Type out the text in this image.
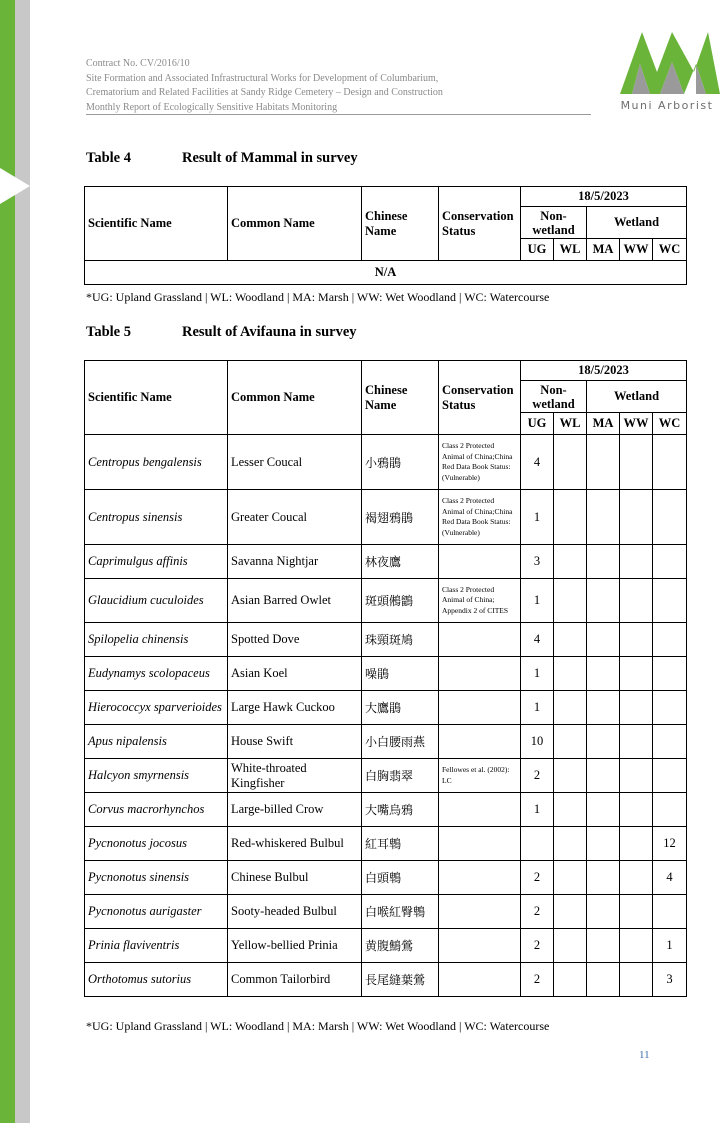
Contract No. CV/2016/10
Site Formation and Associated Infrastructural Works for Development of Columbarium,
Crematorium and Related Facilities at Sandy Ridge Cemetery – Design and Construction
Monthly Report of Ecologically Sensitive Habitats Monitoring	Muni Arborist
Table 4	Result of Mammal in survey
Scientific Name	Common Name	Chinese Name	Conservation Status	18/5/2023				
				Non-wetland		Wetland		
				UG	WL	MA	WW	WC
N/A								
*UG: Upland Grassland | WL: Woodland | MA: Marsh | WW: Wet Woodland | WC: Watercourse
Table 5	Result of Avifauna in survey
Scientific Name	Common Name	Chinese Name	Conservation Status	18/5/2023				
				Non-wetland		Wetland		
				UG	WL	MA	WW	WC
Centropus bengalensis	Lesser Coucal	小鴉鵑	Class 2 Protected Animal of China;China Red Data Book Status: (Vulnerable)	4				
Centropus sinensis	Greater Coucal	褐翅鴉鵑	Class 2 Protected Animal of China;China Red Data Book Status: (Vulnerable)	1				
Caprimulgus affinis	Savanna Nightjar	林夜鷹		3				
Glaucidium cuculoides	Asian Barred Owlet	斑頭鵂鶹	Class 2 Protected Animal of China; Appendix 2 of CITES	1				
Spilopelia chinensis	Spotted Dove	珠頸斑鳩		4				
Eudynamys scolopaceus	Asian Koel	噪鵑		1				
Hierococcyx sparverioides	Large Hawk Cuckoo	大鷹鵑		1				
Apus nipalensis	House Swift	小白腰雨燕		10				
Halcyon smyrnensis	White-throated Kingfisher	白胸翡翠	Fellowes et al. (2002): LC	2				
Corvus macrorhynchos	Large-billed Crow	大嘴烏鴉		1				
Pycnonotus jocosus	Red-whiskered Bulbul	紅耳鵯						12
Pycnonotus sinensis	Chinese Bulbul	白頭鵯		2				4
Pycnonotus aurigaster	Sooty-headed Bulbul	白喉紅臀鵯		2				
Prinia flaviventris	Yellow-bellied Prinia	黄腹鷦鶯		2				1
Orthotomus sutorius	Common Tailorbird	長尾縫葉鶯		2				3
*UG: Upland Grassland | WL: Woodland | MA: Marsh | WW: Wet Woodland | WC: Watercourse
11
